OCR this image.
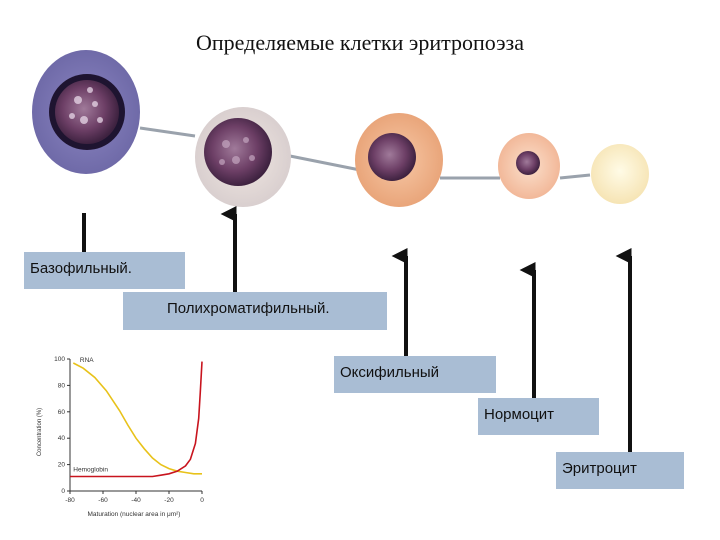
Определяемые клетки эритропоэза
Базофильный.
Полихроматифильный.
Оксифильный
Нормоцит
Эритроцит
Concentration (%)
Maturation (nuclear area in μm²)
0
20
40
60
80
100
-80	-60	-40	-20	0
RNA
Hemoglobin
